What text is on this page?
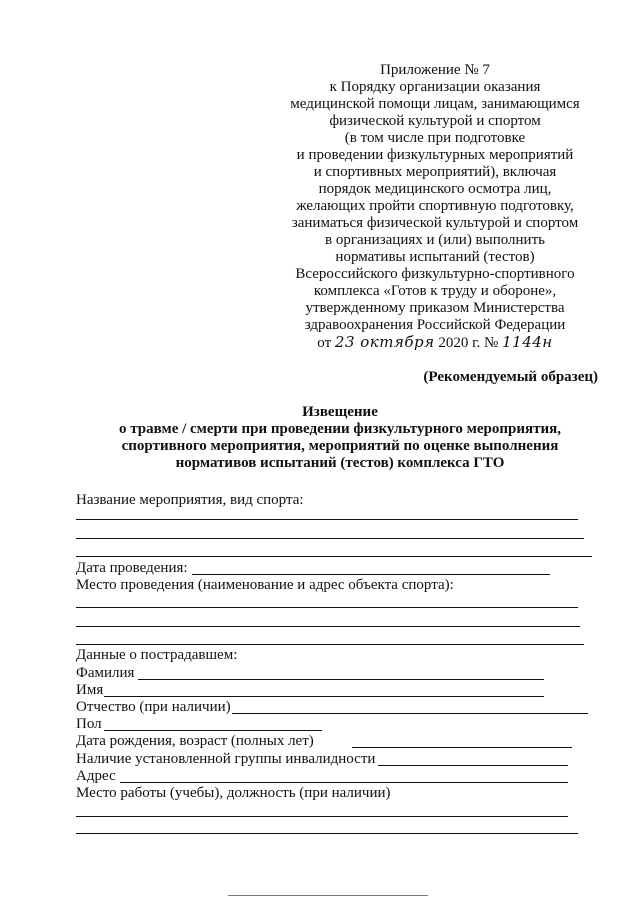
Приложение № 7
к Порядку организации оказания
медицинской помощи лицам, занимающимся
физической культурой и спортом
(в том числе при подготовке
и проведении физкультурных мероприятий
и спортивных мероприятий), включая
порядок медицинского осмотра лиц,
желающих пройти спортивную подготовку,
заниматься физической культурой и спортом
в организациях и (или) выполнить
нормативы испытаний (тестов)
Всероссийского физкультурно-спортивного
комплекса «Готов к труду и обороне»,
утвержденному приказом Министерства
здравоохранения Российской Федерации
от 23 октября 2020 г. № 1144н
(Рекомендуемый образец)
Извещение
о травме / смерти при проведении физкультурного мероприятия,
спортивного мероприятия, мероприятий по оценке выполнения
нормативов испытаний (тестов) комплекса ГТО
Название мероприятия, вид спорта:
Дата проведения:
Место проведения (наименование и адрес объекта спорта):
Данные о пострадавшем:
Фамилия
Имя
Отчество (при наличии)
Пол
Дата рождения, возраст (полных лет)
Наличие установленной группы инвалидности
Адрес
Место работы (учебы), должность (при наличии)
